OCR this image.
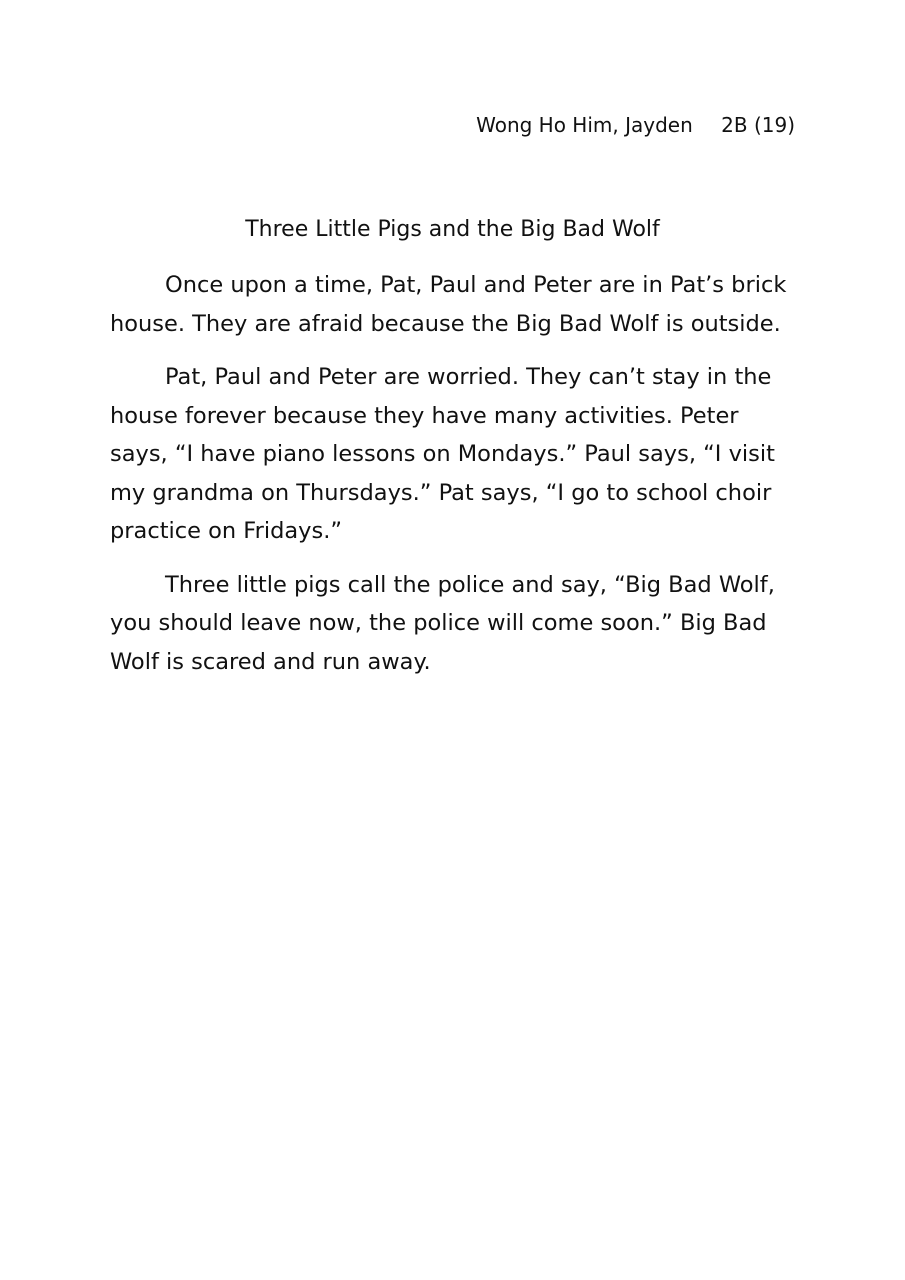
Wong Ho Him, Jayden 2B (19)
Three Little Pigs and the Big Bad Wolf

Once upon a time, Pat, Paul and Peter are in Pat’s brick house. They are afraid because the Big Bad Wolf is outside.

Pat, Paul and Peter are worried. They can’t stay in the house forever because they have many activities. Peter says, “I have piano lessons on Mondays.” Paul says, “I visit my grandma on Thursdays.” Pat says, “I go to school choir practice on Fridays.”

Three little pigs call the police and say, “Big Bad Wolf, you should leave now, the police will come soon.” Big Bad Wolf is scared and run away.
